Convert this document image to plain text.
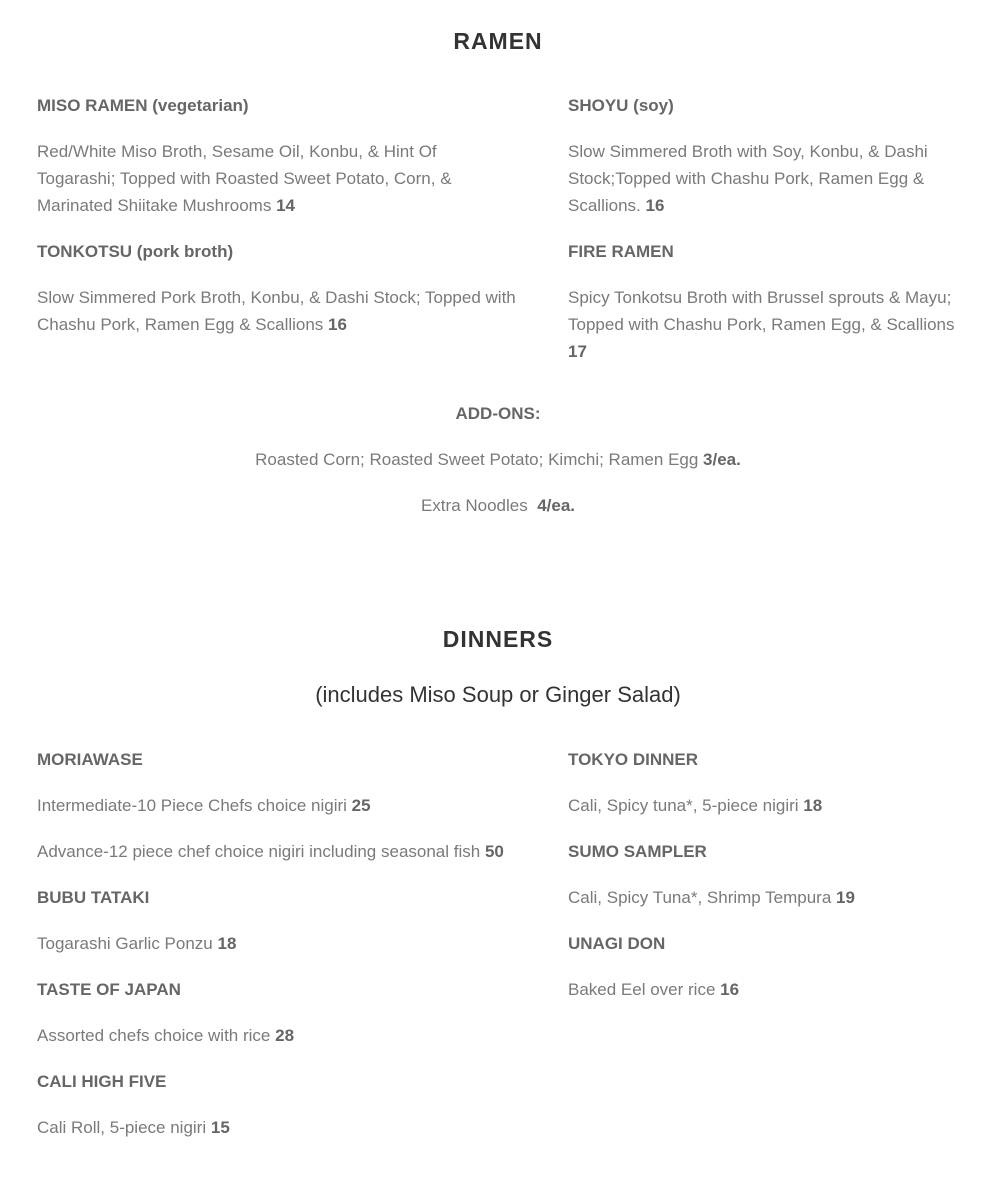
RAMEN

MISO RAMEN (vegetarian)

Red/White Miso Broth, Sesame Oil, Konbu, & Hint Of Togarashi; Topped with Roasted Sweet Potato, Corn, & Marinated Shiitake Mushrooms 14

TONKOTSU (pork broth)

Slow Simmered Pork Broth, Konbu, & Dashi Stock; Topped with Chashu Pork, Ramen Egg & Scallions 16

SHOYU (soy)

Slow Simmered Broth with Soy, Konbu, & Dashi Stock;Topped with Chashu Pork, Ramen Egg & Scallions. 16

FIRE RAMEN

Spicy Tonkotsu Broth with Brussel sprouts & Mayu; Topped with Chashu Pork, Ramen Egg, & Scallions 17

ADD-ONS:
Roasted Corn; Roasted Sweet Potato; Kimchi; Ramen Egg 3/ea.
Extra Noodles 4/ea.
DINNERS
(includes Miso Soup or Ginger Salad)

MORIAWASE

Intermediate-10 Piece Chefs choice nigiri 25

Advance-12 piece chef choice nigiri including seasonal fish 50

BUBU TATAKI

Togarashi Garlic Ponzu 18

TASTE OF JAPAN

Assorted chefs choice with rice 28

CALI HIGH FIVE

Cali Roll, 5-piece nigiri 15

TOKYO DINNER

Cali, Spicy tuna*, 5-piece nigiri 18

SUMO SAMPLER

Cali, Spicy Tuna*, Shrimp Tempura 19

UNAGI DON

Baked Eel over rice 16
